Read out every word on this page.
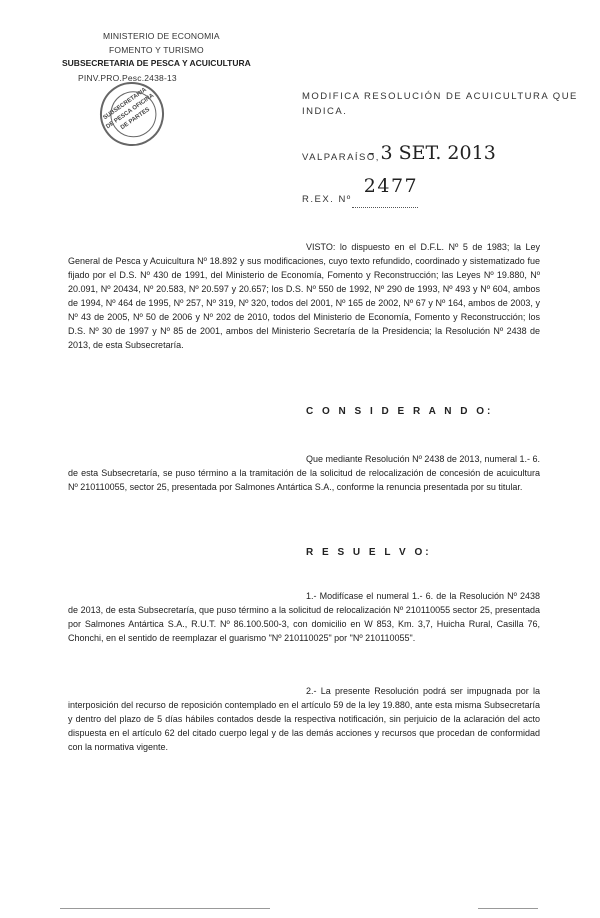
MINISTERIO DE ECONOMIA
FOMENTO Y TURISMO
SUBSECRETARIA DE PESCA Y ACUICULTURA
PINV.PRO.Pesc.2438-13
SUBSECRETARIA DE PESCA OFICINA DE PARTES
MODIFICA RESOLUCIÓN DE ACUICULTURA QUE
INDICA.
VALPARAÍSO,
- 3 SET. 2013
R.EX. Nº
2477

VISTO: lo dispuesto en el D.F.L. Nº 5 de 1983; la Ley General de Pesca y Acuicultura Nº 18.892 y sus modificaciones, cuyo texto refundido, coordinado y sistematizado fue fijado por el D.S. Nº 430 de 1991, del Ministerio de Economía, Fomento y Reconstrucción; las Leyes Nº 19.880, Nº 20.091, Nº 20434, Nº 20.583, Nº 20.597 y 20.657; los D.S. Nº 550 de 1992, Nº 290 de 1993, Nº 493 y Nº 604, ambos de 1994, Nº 464 de 1995, Nº 257, Nº 319, Nº 320, todos del 2001, Nº 165 de 2002, Nº 67 y Nº 164, ambos de 2003, y Nº 43 de 2005, Nº 50 de 2006 y Nº 202 de 2010, todos del Ministerio de Economía, Fomento y Reconstrucción; los D.S. Nº 30 de 1997 y Nº 85 de 2001, ambos del Ministerio Secretaría de la Presidencia; la Resolución Nº 2438 de 2013, de esta Subsecretaría.
C O N S I D E R A N D O:
Que mediante Resolución Nº 2438 de 2013, numeral 1.- 6. de esta Subsecretaría, se puso término a la tramitación de la solicitud de relocalización de concesión de acuicultura Nº 210110055, sector 25, presentada por Salmones Antártica S.A., conforme la renuncia presentada por su titular.
R E S U E L V O:
1.- Modifícase el numeral 1.- 6. de la Resolución Nº 2438 de 2013, de esta Subsecretaría, que puso término a la solicitud de relocalización Nº 210110055 sector 25, presentada por Salmones Antártica S.A., R.U.T. Nº 86.100.500-3, con domicilio en W 853, Km. 3,7, Huicha Rural, Casilla 76, Chonchi, en el sentido de reemplazar el guarismo "Nº 210110025" por "Nº 210110055".
2.- La presente Resolución podrá ser impugnada por la interposición del recurso de reposición contemplado en el artículo 59 de la ley 19.880, ante esta misma Subsecretaría y dentro del plazo de 5 días hábiles contados desde la respectiva notificación, sin perjuicio de la aclaración del acto dispuesta en el artículo 62 del citado cuerpo legal y de las demás acciones y recursos que procedan de conformidad con la normativa vigente.
